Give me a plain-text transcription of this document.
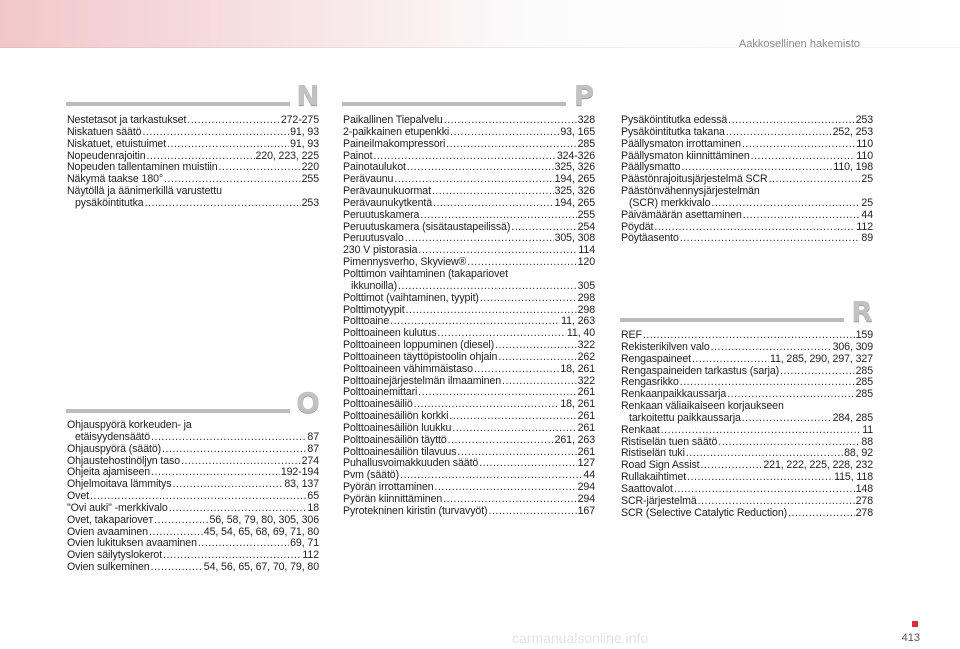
Aakkosellinen hakemisto
N
Nestetasot ja tarkastukset .....	272-275
Niskatuen säätö .....	91, 93
Niskatuet, etuistuimet .....	91, 93
Nopeudenrajoitin .....	220, 223, 225
Nopeuden tallentaminen muistiin .....	220
Näkymä taakse 180° .....	255
Näytöllä ja äänimerkillä varustettu
pysäköintitutka .....	253
O
Ohjauspyörä korkeuden- ja
etäisyydensäätö .....	87
Ohjauspyörä (säätö) .....	87
Ohjaustehostinöljyn taso .....	274
Ohjeita ajamiseen .....	192-194
Ohjelmoitava lämmitys .....	83, 137
Ovet .....	65
"Ovi auki" -merkkivalo .....	18
Ovet, takaparioveт .....	56, 58, 79, 80, 305, 306
Ovien avaaminen .....	45, 54, 65, 68, 69, 71, 80
Ovien lukituksen avaaminen .....	69, 71
Ovien säilytyslokerot .....	112
Ovien sulkeminen .....	54, 56, 65, 67, 70, 79, 80
P
Paikallinen Tiepalvelu .....	328
2-paikkainen etupenkki .....	93, 165
Paineilmakompressori .....	285
Painot .....	324-326
Painotaulukot .....	325, 326
Perävaunu .....	194, 265
Perävaunukuormat .....	325, 326
Perävaunukytkentä .....	194, 265
Peruutuskamera .....	255
Peruutuskamera (sisätaustapeilissä) .....	254
Peruutusvalo .....	305, 308
230 V pistorasia .....	114
Pimennysverho, Skyview® .....	120
Polttimon vaihtaminen (takapariovet
ikkunoilla) .....	305
Polttimot (vaihtaminen, tyypit) .....	298
Polttimotyypit .....	298
Polttoaine .....	11, 263
Polttoaineen kulutus .....	11, 40
Polttoaineen loppuminen (diesel) .....	322
Polttoaineen täyttöpistoolin ohjain .....	262
Polttoaineen vähimmäistaso .....	18, 261
Polttoainejärjestelmän ilmaaminen .....	322
Polttoainemittari .....	261
Polttoainesäiliö .....	18, 261
Polttoainesäiliön korkki .....	261
Polttoainesäiliön luukku .....	261
Polttoainesäiliön täyttö .....	261, 263
Polttoainesäiliön tilavuus .....	261
Puhallusvoimakkuuden säätö .....	127
Pvm (säätö) .....	44
Pyörän irrottaminen .....	294
Pyörän kiinnittäminen .....	294
Pyrotekninen kiristin (turvavyöt) .....	167
Pysäköintitutka edessä .....	253
Pysäköintitutka takana .....	252, 253
Päällysmaton irrottaminen .....	110
Päällysmaton kiinnittäminen .....	110
Päällysmatto .....	110, 198
Päästönrajoitusjärjestelmä SCR .....	25
Päästönvähennysjärjestelmän
(SCR) merkkivalo .....	25
Päivämäärän asettaminen .....	44
Pöydät .....	112
Pöytäasento .....	89
R
REF .....	159
Rekisterikilven valo .....	306, 309
Rengaspaineet .....	11, 285, 290, 297, 327
Rengaspaineiden tarkastus (sarja) .....	285
Rengasrikko .....	285
Renkaanpaikkaussarja .....	285
Renkaan väliaikaiseen korjaukseen
tarkoitettu paikkaussarja .....	284, 285
Renkaat .....	11
Ristiselän tuen säätö .....	88
Ristiselän tuki .....	88, 92
Road Sign Assist .....	221, 222, 225, 228, 232
Rullakaihtimet .....	115, 118
Saattovalot .....	148
SCR-järjestelmä .....	278
SCR (Selective Catalytic Reduction) .....	278
413
carmanualsonline.info
